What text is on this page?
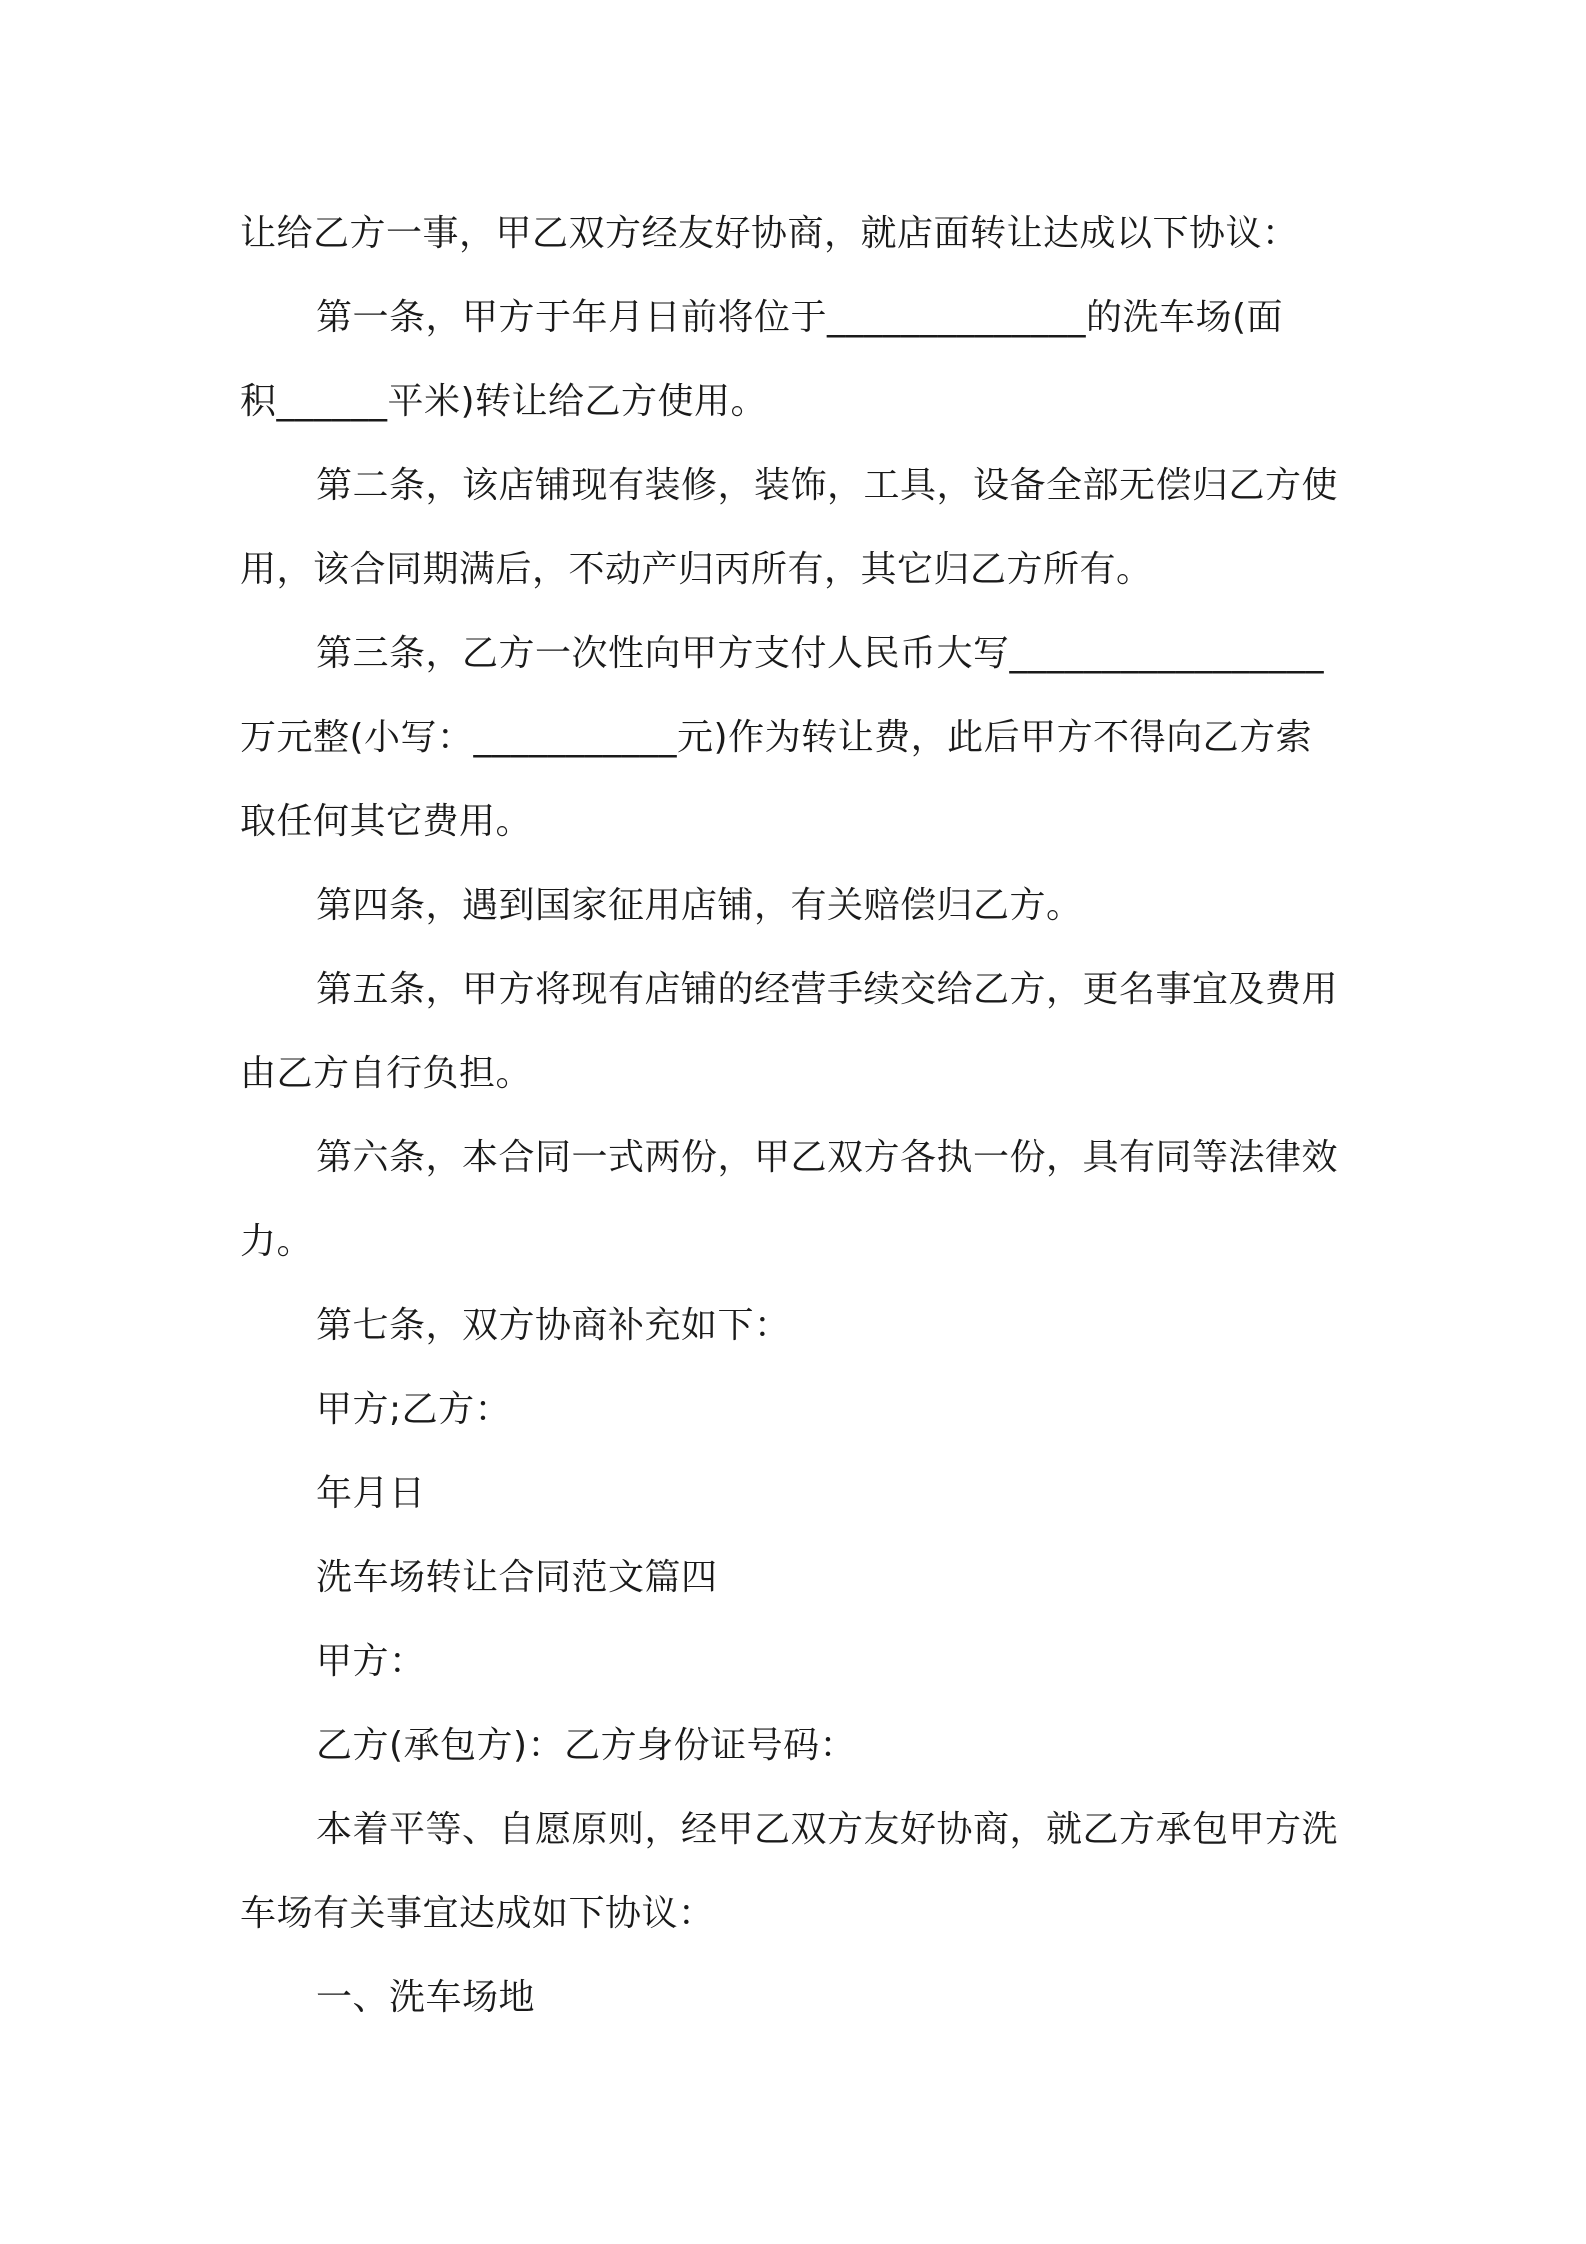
让给乙方一事，甲乙双方经友好协商，就店面转让达成以下协议：
第一条，甲方于年月日前将位于______________的洗车场(面
积______平米)转让给乙方使用。
第二条，该店铺现有装修，装饰，工具，设备全部无偿归乙方使
用，该合同期满后，不动产归丙所有，其它归乙方所有。
第三条，乙方一次性向甲方支付人民币大写_________________
万元整(小写：___________元)作为转让费，此后甲方不得向乙方索
取任何其它费用。
第四条，遇到国家征用店铺，有关赔偿归乙方。
第五条，甲方将现有店铺的经营手续交给乙方，更名事宜及费用
由乙方自行负担。
第六条，本合同一式两份，甲乙双方各执一份，具有同等法律效
力。
第七条，双方协商补充如下：
甲方;乙方：
年月日
洗车场转让合同范文篇四
甲方：
乙方(承包方)：乙方身份证号码：
本着平等、自愿原则，经甲乙双方友好协商，就乙方承包甲方洗
车场有关事宜达成如下协议：
一、洗车场地
